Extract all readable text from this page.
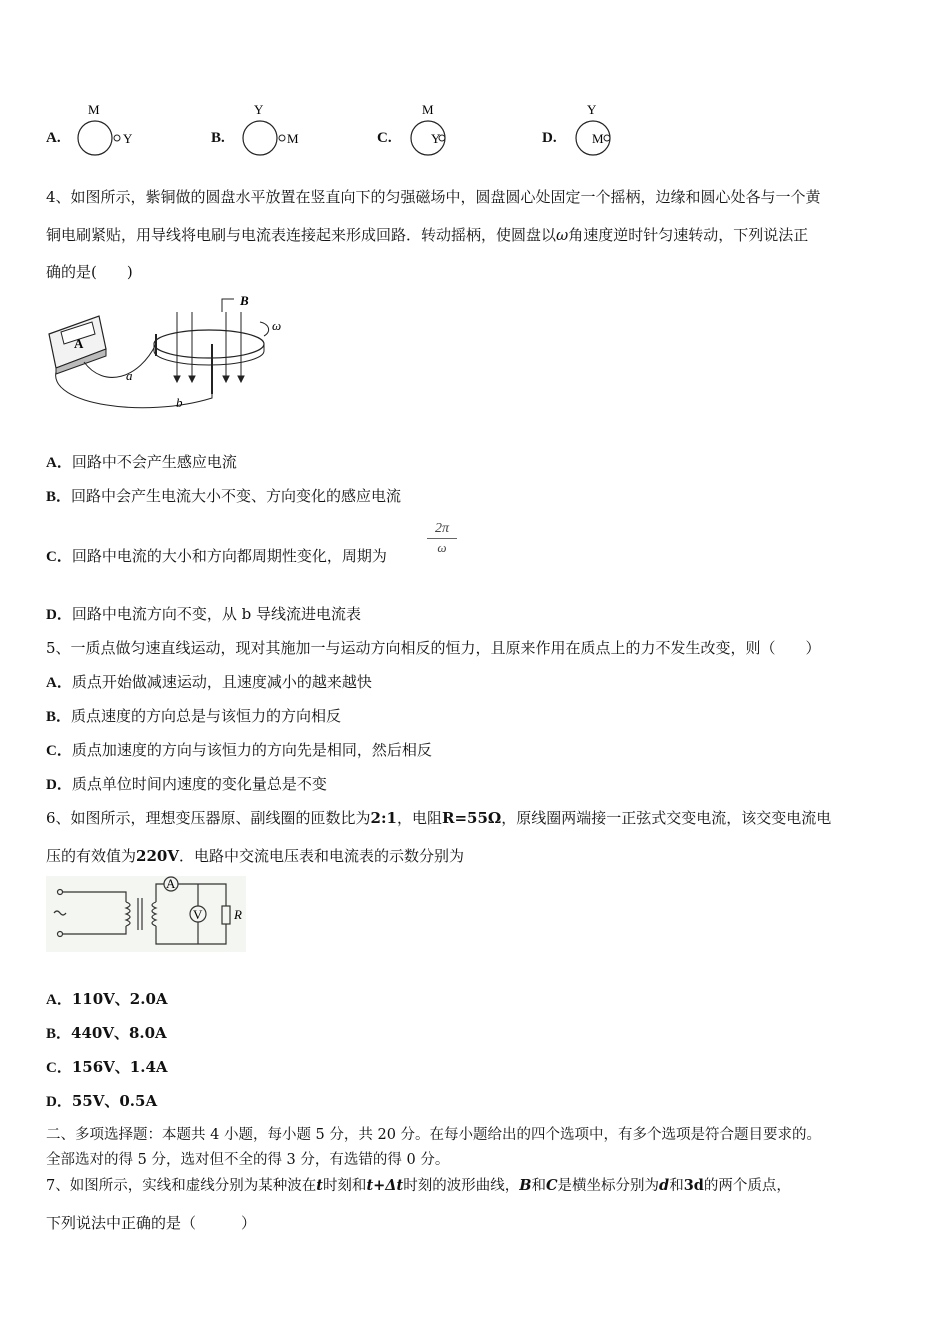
A.
M
Y	B.
Y
M	C.
M
Y	D.
Y
M
4、如图所示，紫铜做的圆盘水平放置在竖直向下的匀强磁场中，圆盘圆心处固定一个摇柄，边缘和圆心处各与一个黄
铜电刷紧贴，用导线将电刷与电流表连接起来形成回路．转动摇柄，使圆盘以ω角速度逆时针匀速转动，下列说法正
确的是(　　)
A
a
b
B
ω
A．回路中不会产生感应电流
B．回路中会产生电流大小不变、方向变化的感应电流
C．回路中电流的大小和方向都周期性变化，周期为	$\frac{2\pi}{\omega}$
D．回路中电流方向不变，从 b 导线流进电流表
5、一质点做匀速直线运动，现对其施加一与运动方向相反的恒力，且原来作用在质点上的力不发生改变，则（　　）
A．质点开始做减速运动，且速度减小的越来越快
B．质点速度的方向总是与该恒力的方向相反
C．质点加速度的方向与该恒力的方向先是相同，然后相反
D．质点单位时间内速度的变化量总是不变
6、如图所示，理想变压器原、副线圈的匝数比为2:1，电阻R=55Ω，原线圈两端接一正弦式交变电流，该交变电流电
压的有效值为220V．电路中交流电压表和电流表的示数分别为
A
V R
A．110V、2.0A
B．440V、8.0A
C．156V、1.4A
D．55V、0.5A
二、多项选择题：本题共 4 小题，每小题 5 分，共 20 分。在每小题给出的四个选项中，有多个选项是符合题目要求的。
全部选对的得 5 分，选对但不全的得 3 分，有选错的得 0 分。
7、如图所示，实线和虚线分别为某种波在t时刻和t+Δt时刻的波形曲线，B和C是横坐标分别为d和3d的两个质点，
下列说法中正确的是（　　　）
